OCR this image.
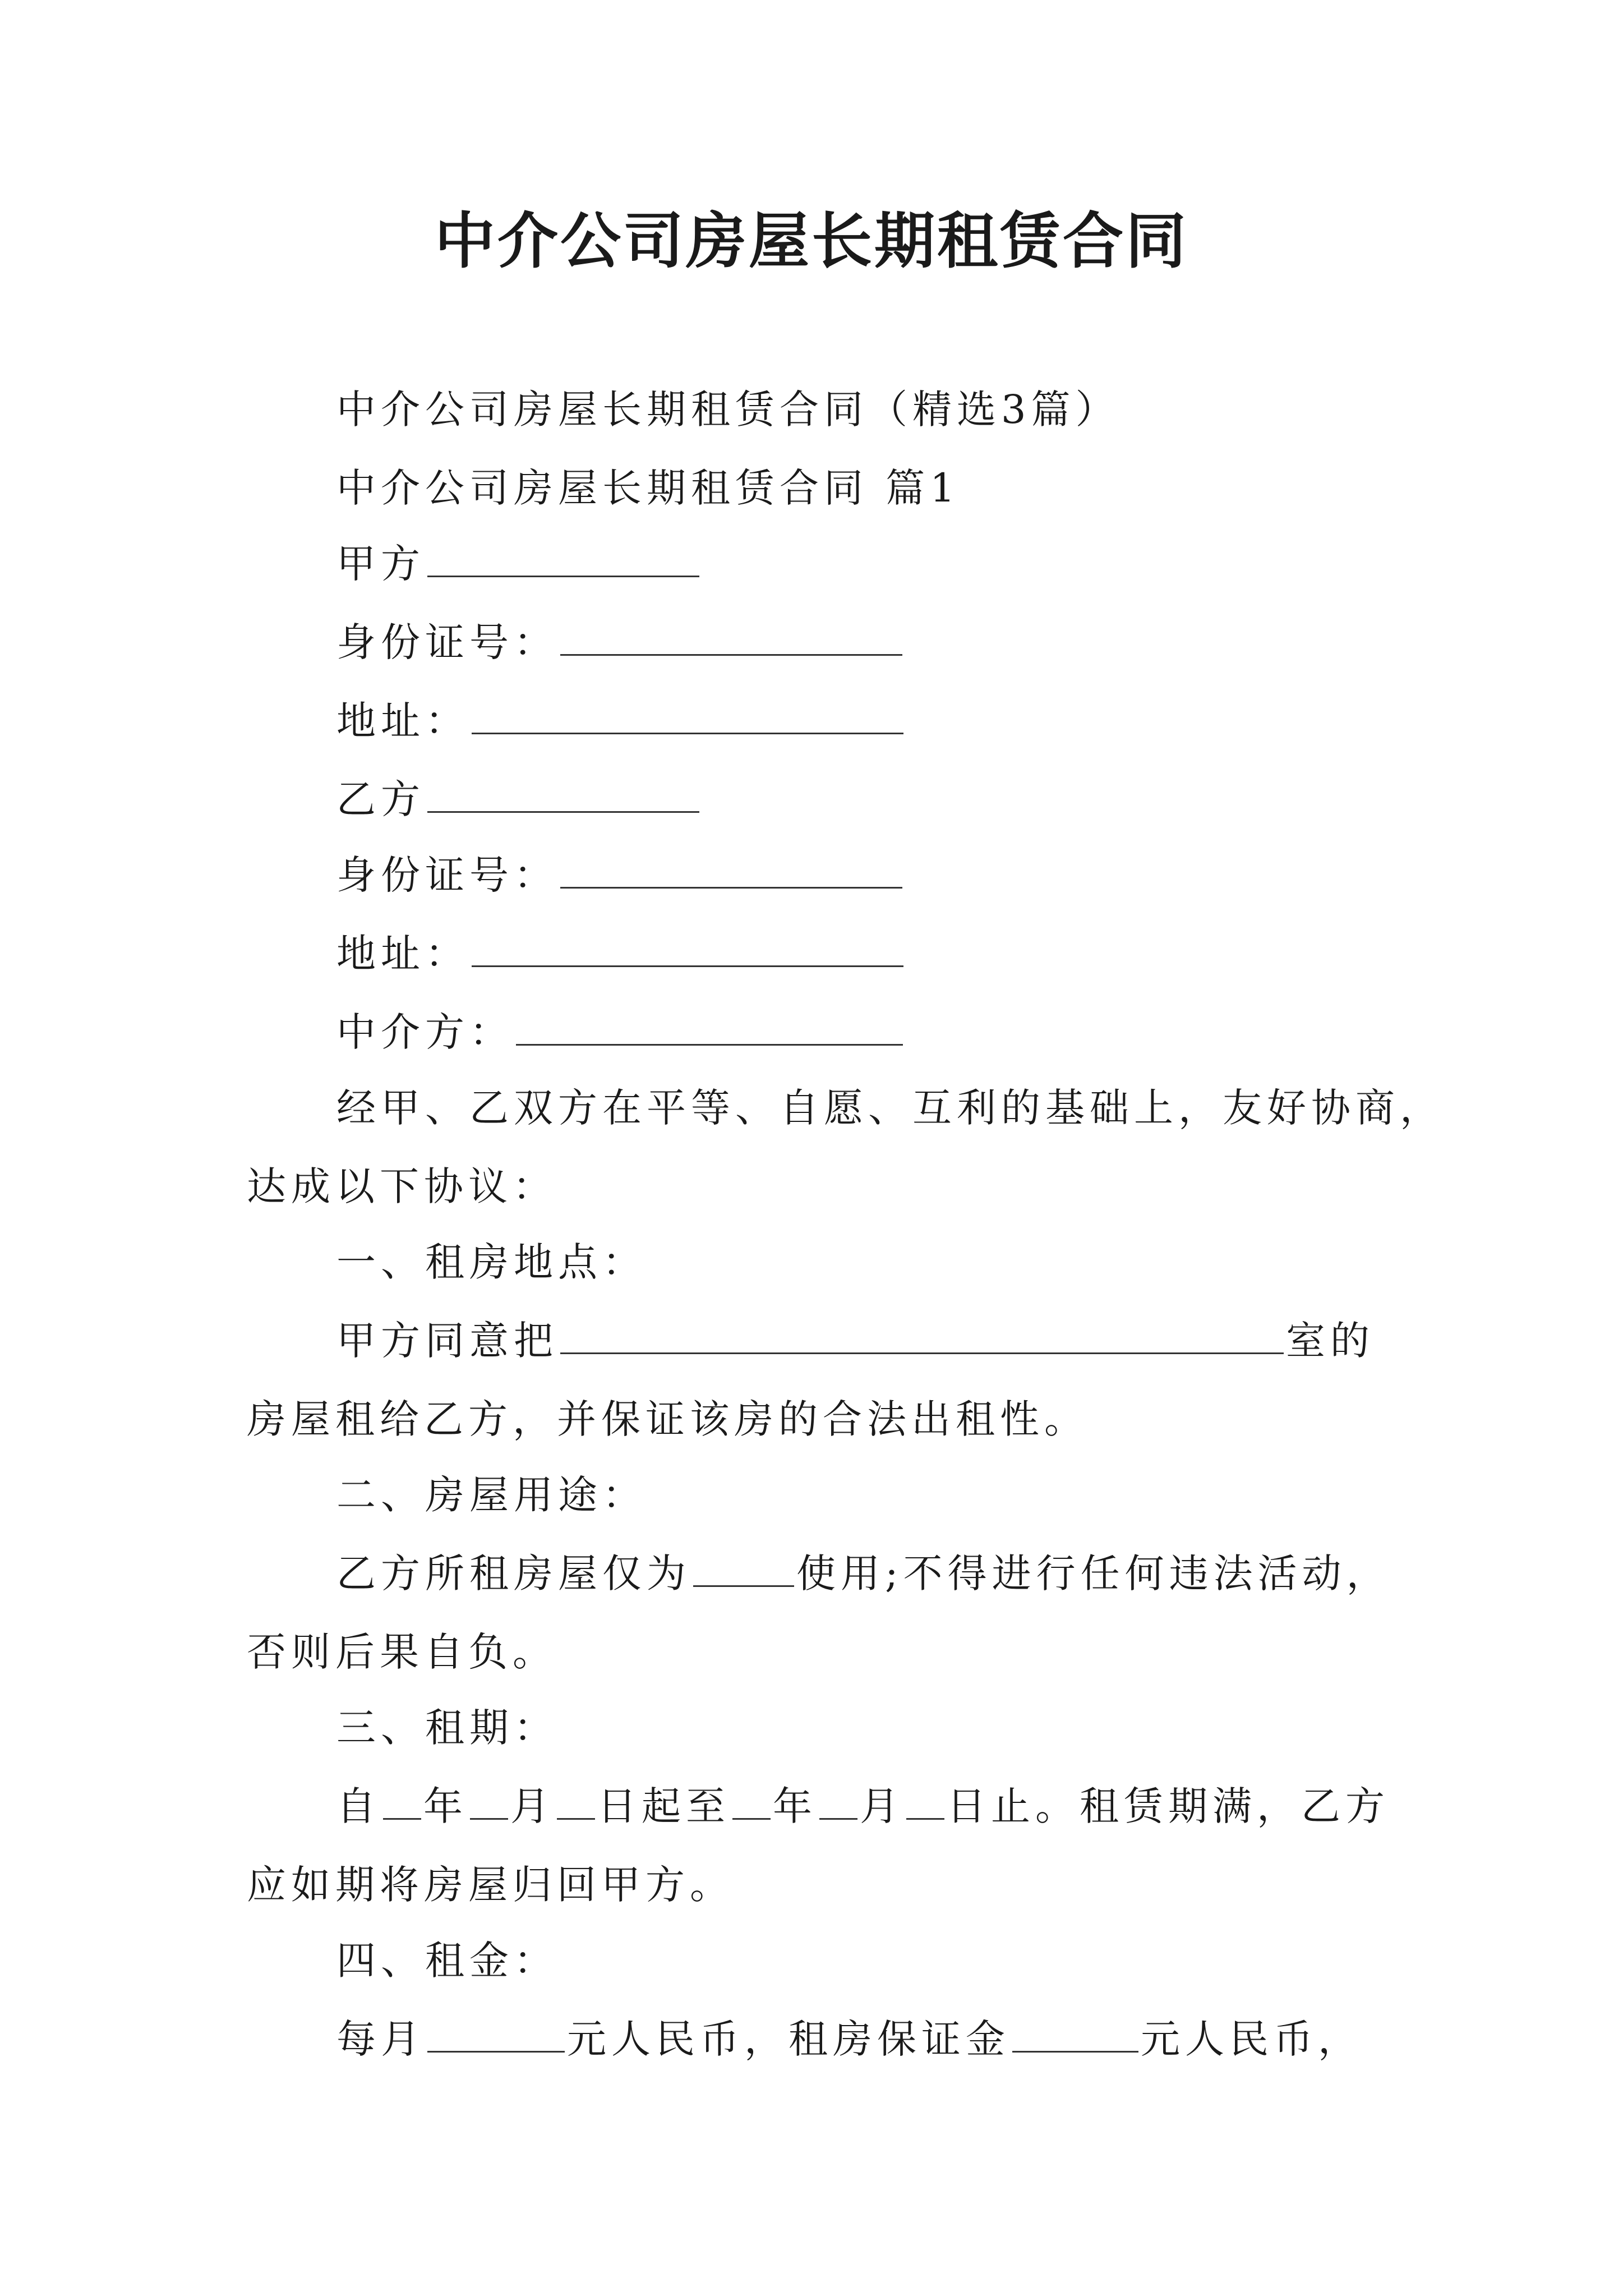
中介公司房屋长期租赁合同
中介公司房屋长期租赁合同（精选3篇）
中介公司房屋长期租赁合同 篇1
甲方
身份证号：
地址：
乙方
身份证号：
地址：
中介方：
经甲、乙双方在平等、自愿、互利的基础上，友好协商，
达成以下协议：
一、租房地点：
甲方同意把	室的
房屋租给乙方，并保证该房的合法出租性。
二、房屋用途：
乙方所租房屋仅为	使用;不得进行任何违法活动，
否则后果自负。
三、租期：
自 年 月 日起至 年 月 日止。租赁期满，乙方
应如期将房屋归回甲方。
四、租金：
每月	元人民币，租房保证金	元人民币，
